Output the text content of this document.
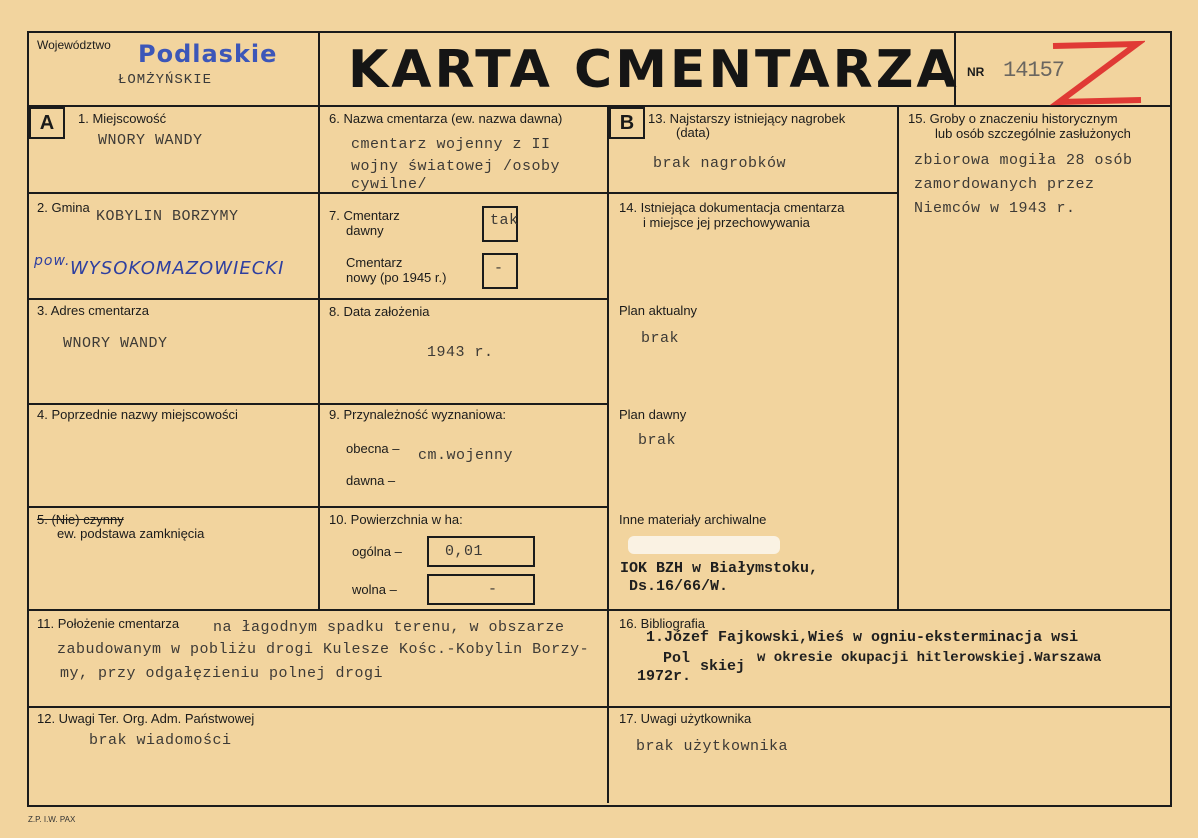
Województwo Podlaskie
ŁOMŻYŃSKIE	KARTA CMENTARZA NR 14157
A	B
1. Miejscowość
WNORY WANDY
2. Gmina
KOBYLIN BORZYMY
pow. WYSOKOMAZOWIECKI
3. Adres cmentarza
WNORY WANDY
4. Poprzednie nazwy miejscowości
5. (Nie) czynny
ew. podstawa zamknięcia
6. Nazwa cmentarza (ew. nazwa dawna)
cmentarz wojenny z II
wojny światowej /osoby
cywilne/
7. Cmentarz
dawny
tak
Cmentarz
nowy (po 1945 r.)
-
8. Data założenia
1943 r.
9. Przynależność wyznaniowa:
obecna – cm.wojenny
dawna –
10. Powierzchnia w ha:
ogólna –	0,01
wolna –	-
13. Najstarszy istniejący nagrobek
(data)
brak nagrobków
14. Istniejąca dokumentacja cmentarza
i miejsce jej przechowywania
Plan aktualny
brak
Plan dawny
brak
Inne materiały archiwalne
IOK BZH w Białymstoku,
Ds.16/66/W.
15. Groby o znaczeniu historycznym
lub osób szczególnie zasłużonych
zbiorowa mogiła 28 osób
zamordowanych przez
Niemców w 1943 r.
11. Położenie cmentarza na łagodnym spadku terenu, w obszarze
zabudowanym w pobliżu drogi Kulesze Kośc.-Kobylin Borzy-
my, przy odgałęzieniu polnej drogi
16. Bibliografia
1.Józef Fajkowski,Wieś w ogniu-eksterminacja wsi
Pol skiej w okresie okupacji hitlerowskiej.Warszawa
1972r.
12. Uwagi Ter. Org. Adm. Państwowej
brak wiadomości
17. Uwagi użytkownika
brak użytkownika
Z.P. I.W. PAX
